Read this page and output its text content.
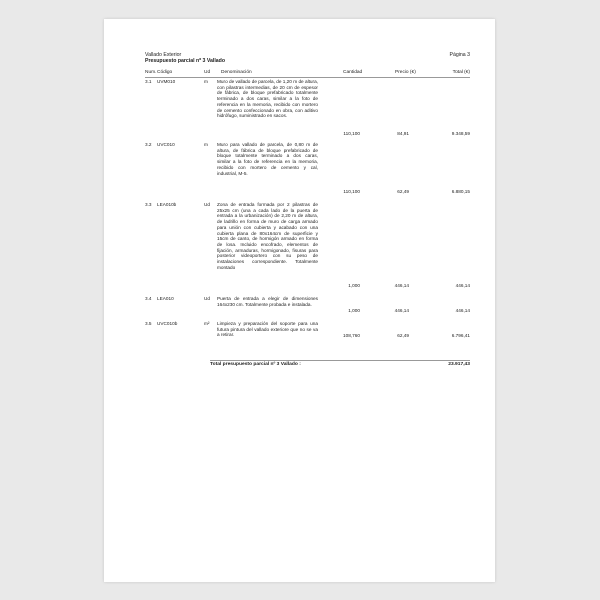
Vallado Exterior
Presupuesto parcial nº 3 Vallado
Página 3
Num. Código	Ud Denominación	Cantidad	Precio (€)	Total (€)
3.1 UVM010	m Muro de vallado de parcela, de 1,20 m de altura, con pilastras intermedias, de 20 cm de espesor de fábrica, de bloque prefabricado totalmente terminado a dos caras, similar a la foto de referencia en la memoria, recibido con mortero de cemento confeccionado en obra, con aditivo hidrófugo, suministrado en sacos.
110,100	84,91	9.348,59
3.2 UVC010	m Muro para vallado de parcela, de 0,80 m de altura, de fábrica de bloque prefabricado de bloque totalmente terminado a dos caras, similar a la foto de referencia en la memoria, recibido con mortero de cemento y cal, industrial, M-5.
110,100	62,49	6.880,15
3.3 LEA010b	Ud Zona de entrada formada por 2 pilastras de 25x25 cm (una a cada lado de la puerta de entrada a la urbanización) de 2,20 m de altura, de ladrillo en forma de muro de carga armado para unión con cubierta y acabado con una cubierta plana de 80x164cm de superficie y 15cm de canto, de hormigón armado en forma de losa. Incluido encofrado, elementos de fijación, armaduras, hormigonado, fisuras para posterior videoportero con su peso de instalaciones correspondiente. Totalmente montado
1,000	446,14	446,14
3.4 LEA010	Ud Puerta de entrada a elegir de dimensiones 164x230 cm. Totalmente probada e instalada.
1,000	446,14	446,14
3.5 UVC010b	m² Limpieza y preparación del soporte para una futura pintura del vallado exteriore que no se va a retirar.	108,760	62,49	6.796,41
Total presupuesto parcial nº 3 Vallado :	23.917,43
